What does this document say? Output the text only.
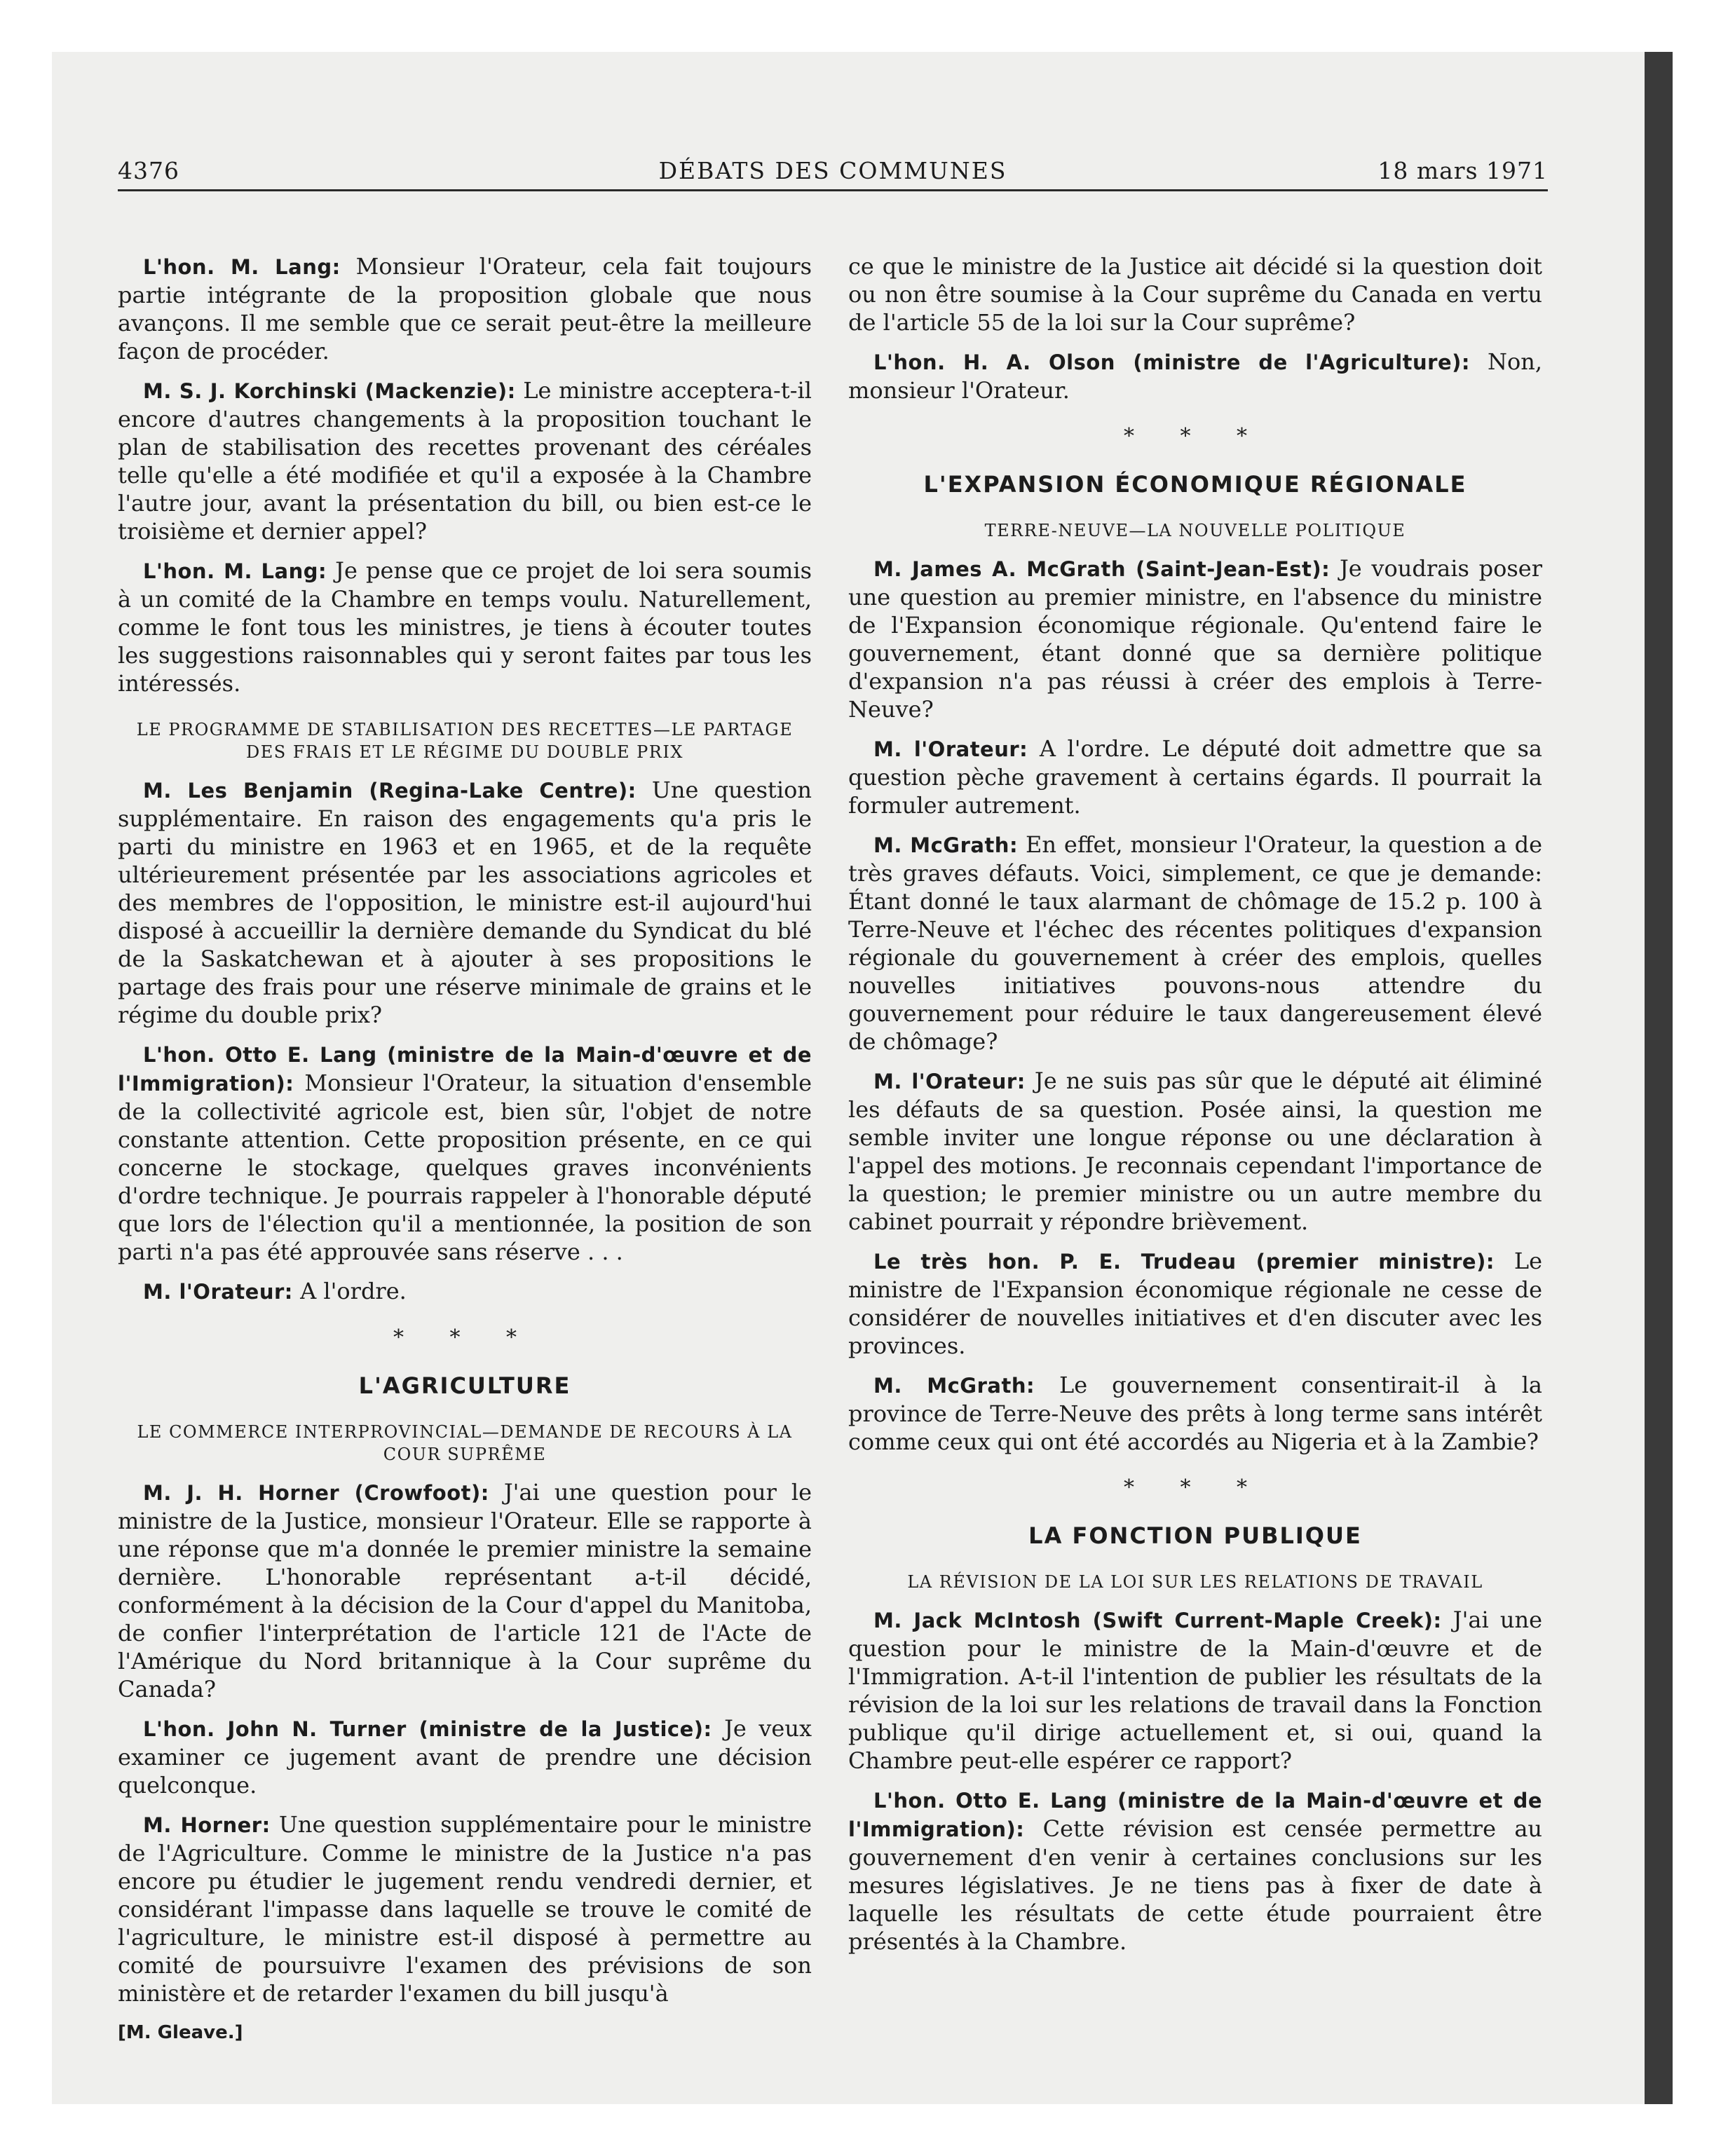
4376	DÉBATS DES COMMUNES	18 mars 1971

L'hon. M. Lang: Monsieur l'Orateur, cela fait toujours partie intégrante de la proposition globale que nous avançons. Il me semble que ce serait peut-être la meilleure façon de procéder.

M. S. J. Korchinski (Mackenzie): Le ministre acceptera-t-il encore d'autres changements à la proposition touchant le plan de stabilisation des recettes provenant des céréales telle qu'elle a été modifiée et qu'il a exposée à la Chambre l'autre jour, avant la présentation du bill, ou bien est-ce le troisième et dernier appel?

L'hon. M. Lang: Je pense que ce projet de loi sera soumis à un comité de la Chambre en temps voulu. Naturellement, comme le font tous les ministres, je tiens à écouter toutes les suggestions raisonnables qui y seront faites par tous les intéressés.

LE PROGRAMME DE STABILISATION DES RECETTES—LE PARTAGE DES FRAIS ET LE RÉGIME DU DOUBLE PRIX

M. Les Benjamin (Regina-Lake Centre): Une question supplémentaire. En raison des engagements qu'a pris le parti du ministre en 1963 et en 1965, et de la requête ultérieurement présentée par les associations agricoles et des membres de l'opposition, le ministre est-il aujourd'hui disposé à accueillir la dernière demande du Syndicat du blé de la Saskatchewan et à ajouter à ses propositions le partage des frais pour une réserve minimale de grains et le régime du double prix?

L'hon. Otto E. Lang (ministre de la Main-d'œuvre et de l'Immigration): Monsieur l'Orateur, la situation d'ensemble de la collectivité agricole est, bien sûr, l'objet de notre constante attention. Cette proposition présente, en ce qui concerne le stockage, quelques graves inconvénients d'ordre technique. Je pourrais rappeler à l'honorable député que lors de l'élection qu'il a mentionnée, la position de son parti n'a pas été approuvée sans réserve . . .

M. l'Orateur: A l'ordre.

* * *
L'AGRICULTURE
LE COMMERCE INTERPROVINCIAL—DEMANDE DE RECOURS À LA COUR SUPRÊME

M. J. H. Horner (Crowfoot): J'ai une question pour le ministre de la Justice, monsieur l'Orateur. Elle se rapporte à une réponse que m'a donnée le premier ministre la semaine dernière. L'honorable représentant a-t-il décidé, conformément à la décision de la Cour d'appel du Manitoba, de confier l'interprétation de l'article 121 de l'Acte de l'Amérique du Nord britannique à la Cour suprême du Canada?

L'hon. John N. Turner (ministre de la Justice): Je veux examiner ce jugement avant de prendre une décision quelconque.

M. Horner: Une question supplémentaire pour le ministre de l'Agriculture. Comme le ministre de la Justice n'a pas encore pu étudier le jugement rendu vendredi dernier, et considérant l'impasse dans laquelle se trouve le comité de l'agriculture, le ministre est-il disposé à permettre au comité de poursuivre l'examen des prévisions de son ministère et de retarder l'examen du bill jusqu'à

[M. Gleave.]

ce que le ministre de la Justice ait décidé si la question doit ou non être soumise à la Cour suprême du Canada en vertu de l'article 55 de la loi sur la Cour suprême?

L'hon. H. A. Olson (ministre de l'Agriculture): Non, monsieur l'Orateur.

* * *
L'EXPANSION ÉCONOMIQUE RÉGIONALE
TERRE-NEUVE—LA NOUVELLE POLITIQUE

M. James A. McGrath (Saint-Jean-Est): Je voudrais poser une question au premier ministre, en l'absence du ministre de l'Expansion économique régionale. Qu'entend faire le gouvernement, étant donné que sa dernière politique d'expansion n'a pas réussi à créer des emplois à Terre-Neuve?

M. l'Orateur: A l'ordre. Le député doit admettre que sa question pèche gravement à certains égards. Il pourrait la formuler autrement.

M. McGrath: En effet, monsieur l'Orateur, la question a de très graves défauts. Voici, simplement, ce que je demande: Étant donné le taux alarmant de chômage de 15.2 p. 100 à Terre-Neuve et l'échec des récentes politiques d'expansion régionale du gouvernement à créer des emplois, quelles nouvelles initiatives pouvons-nous attendre du gouvernement pour réduire le taux dangereusement élevé de chômage?

M. l'Orateur: Je ne suis pas sûr que le député ait éliminé les défauts de sa question. Posée ainsi, la question me semble inviter une longue réponse ou une déclaration à l'appel des motions. Je reconnais cependant l'importance de la question; le premier ministre ou un autre membre du cabinet pourrait y répondre brièvement.

Le très hon. P. E. Trudeau (premier ministre): Le ministre de l'Expansion économique régionale ne cesse de considérer de nouvelles initiatives et d'en discuter avec les provinces.

M. McGrath: Le gouvernement consentirait-il à la province de Terre-Neuve des prêts à long terme sans intérêt comme ceux qui ont été accordés au Nigeria et à la Zambie?

* * *
LA FONCTION PUBLIQUE
LA RÉVISION DE LA LOI SUR LES RELATIONS DE TRAVAIL

M. Jack McIntosh (Swift Current-Maple Creek): J'ai une question pour le ministre de la Main-d'œuvre et de l'Immigration. A-t-il l'intention de publier les résultats de la révision de la loi sur les relations de travail dans la Fonction publique qu'il dirige actuellement et, si oui, quand la Chambre peut-elle espérer ce rapport?

L'hon. Otto E. Lang (ministre de la Main-d'œuvre et de l'Immigration): Cette révision est censée permettre au gouvernement d'en venir à certaines conclusions sur les mesures législatives. Je ne tiens pas à fixer de date à laquelle les résultats de cette étude pourraient être présentés à la Chambre.
